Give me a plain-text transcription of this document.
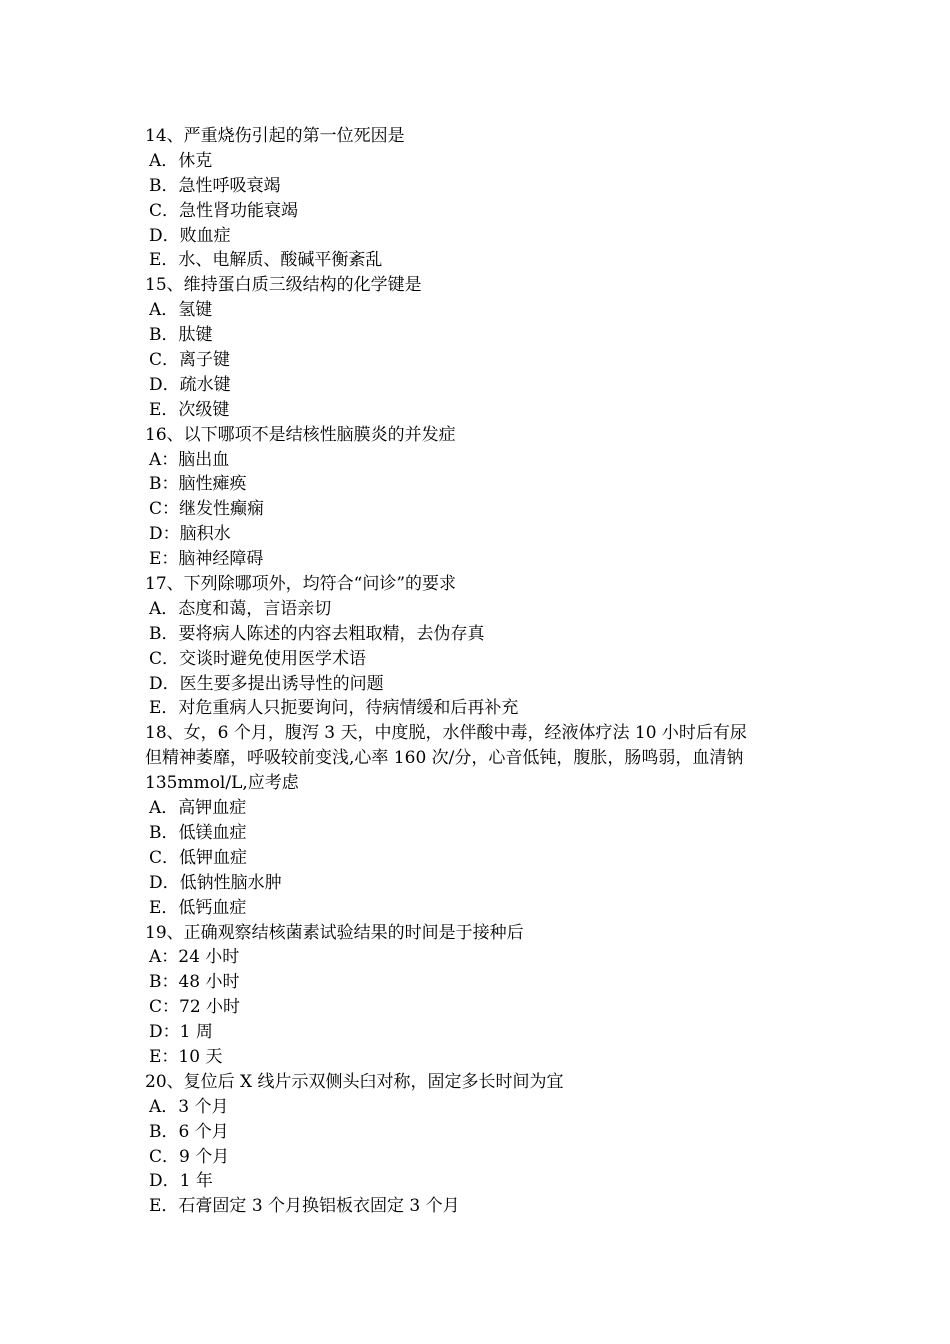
14、严重烧伤引起的第一位死因是
A．休克
B．急性呼吸衰竭
C．急性肾功能衰竭
D．败血症
E．水、电解质、酸碱平衡紊乱
15、维持蛋白质三级结构的化学键是
A．氢键
B．肽键
C．离子键
D．疏水键
E．次级键
16、以下哪项不是结核性脑膜炎的并发症
A：脑出血
B：脑性瘫痪
C：继发性癫痫
D：脑积水
E：脑神经障碍
17、下列除哪项外，均符合“问诊”的要求
A．态度和蔼，言语亲切
B．要将病人陈述的内容去粗取精，去伪存真
C．交谈时避免使用医学术语
D．医生要多提出诱导性的问题
E．对危重病人只扼要询问，待病情缓和后再补充
18、女，6 个月，腹泻 3 天，中度脱，水伴酸中毒，经液体疗法 10 小时后有尿
但精神萎靡，呼吸较前变浅,心率 160 次/分，心音低钝，腹胀，肠鸣弱，血清钠
135mmol/L,应考虑
A．高钾血症
B．低镁血症
C．低钾血症
D．低钠性脑水肿
E．低钙血症
19、正确观察结核菌素试验结果的时间是于接种后
A：24 小时
B：48 小时
C：72 小时
D：1 周
E：10 天
20、复位后 X 线片示双侧头臼对称，固定多长时间为宜
A．3 个月
B．6 个月
C．9 个月
D．1 年
E．石膏固定 3 个月换铝板衣固定 3 个月
